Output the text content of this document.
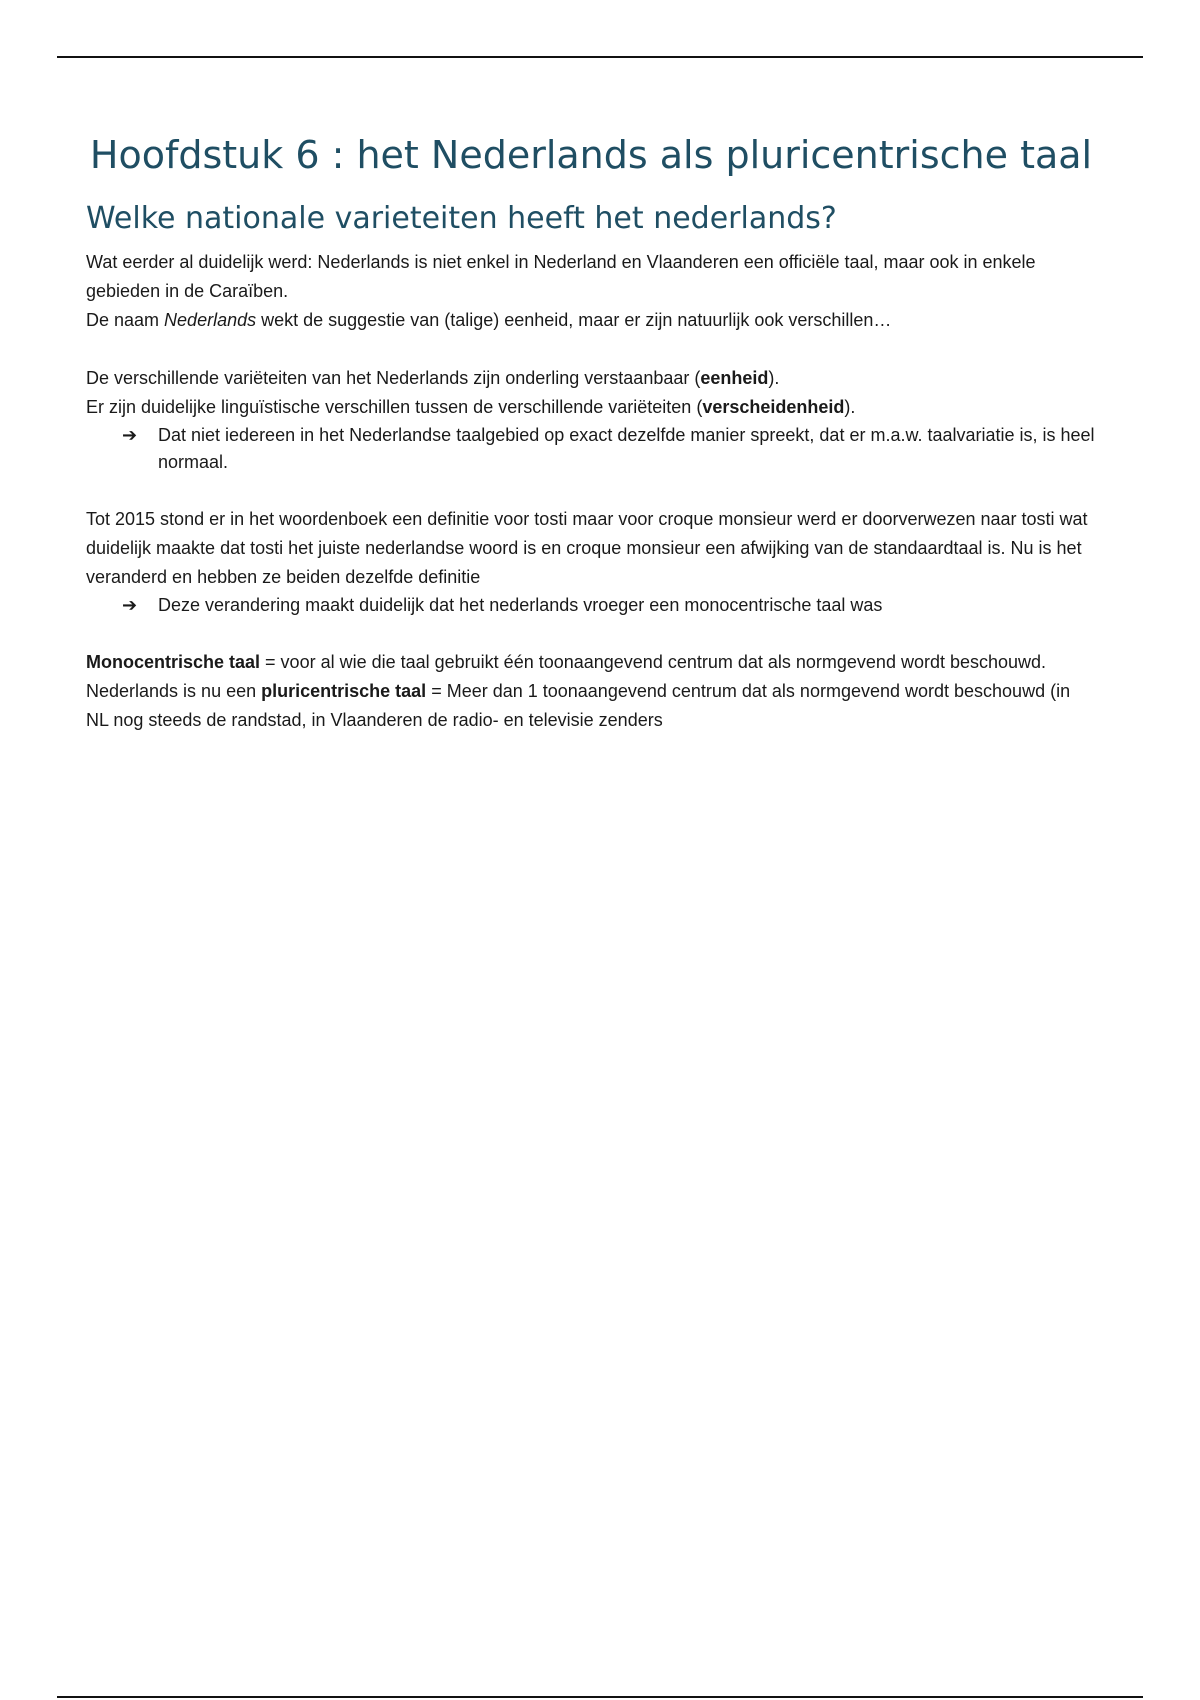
Hoofdstuk 6 : het Nederlands als pluricentrische taal
Welke nationale varieteiten heeft het nederlands?

Wat eerder al duidelijk werd: Nederlands is niet enkel in Nederland en Vlaanderen een officiële taal, maar ook in enkele gebieden in de Caraïben.

De naam Nederlands wekt de suggestie van (talige) eenheid, maar er zijn natuurlijk ook verschillen…

De verschillende variëteiten van het Nederlands zijn onderling verstaanbaar (eenheid).

Er zijn duidelijke linguïstische verschillen tussen de verschillende variëteiten (verscheidenheid).

➔ Dat niet iedereen in het Nederlandse taalgebied op exact dezelfde manier spreekt, dat er m.a.w. taalvariatie is, is heel normaal.

Tot 2015 stond er in het woordenboek een definitie voor tosti maar voor croque monsieur werd er doorverwezen naar tosti wat duidelijk maakte dat tosti het juiste nederlandse woord is en croque monsieur een afwijking van de standaardtaal is. Nu is het veranderd en hebben ze beiden dezelfde definitie

➔ Deze verandering maakt duidelijk dat het nederlands vroeger een monocentrische taal was

Monocentrische taal = voor al wie die taal gebruikt één toonaangevend centrum dat als normgevend wordt beschouwd.

Nederlands is nu een pluricentrische taal = Meer dan 1 toonaangevend centrum dat als normgevend wordt beschouwd (in NL nog steeds de randstad, in Vlaanderen de radio- en televisie zenders
